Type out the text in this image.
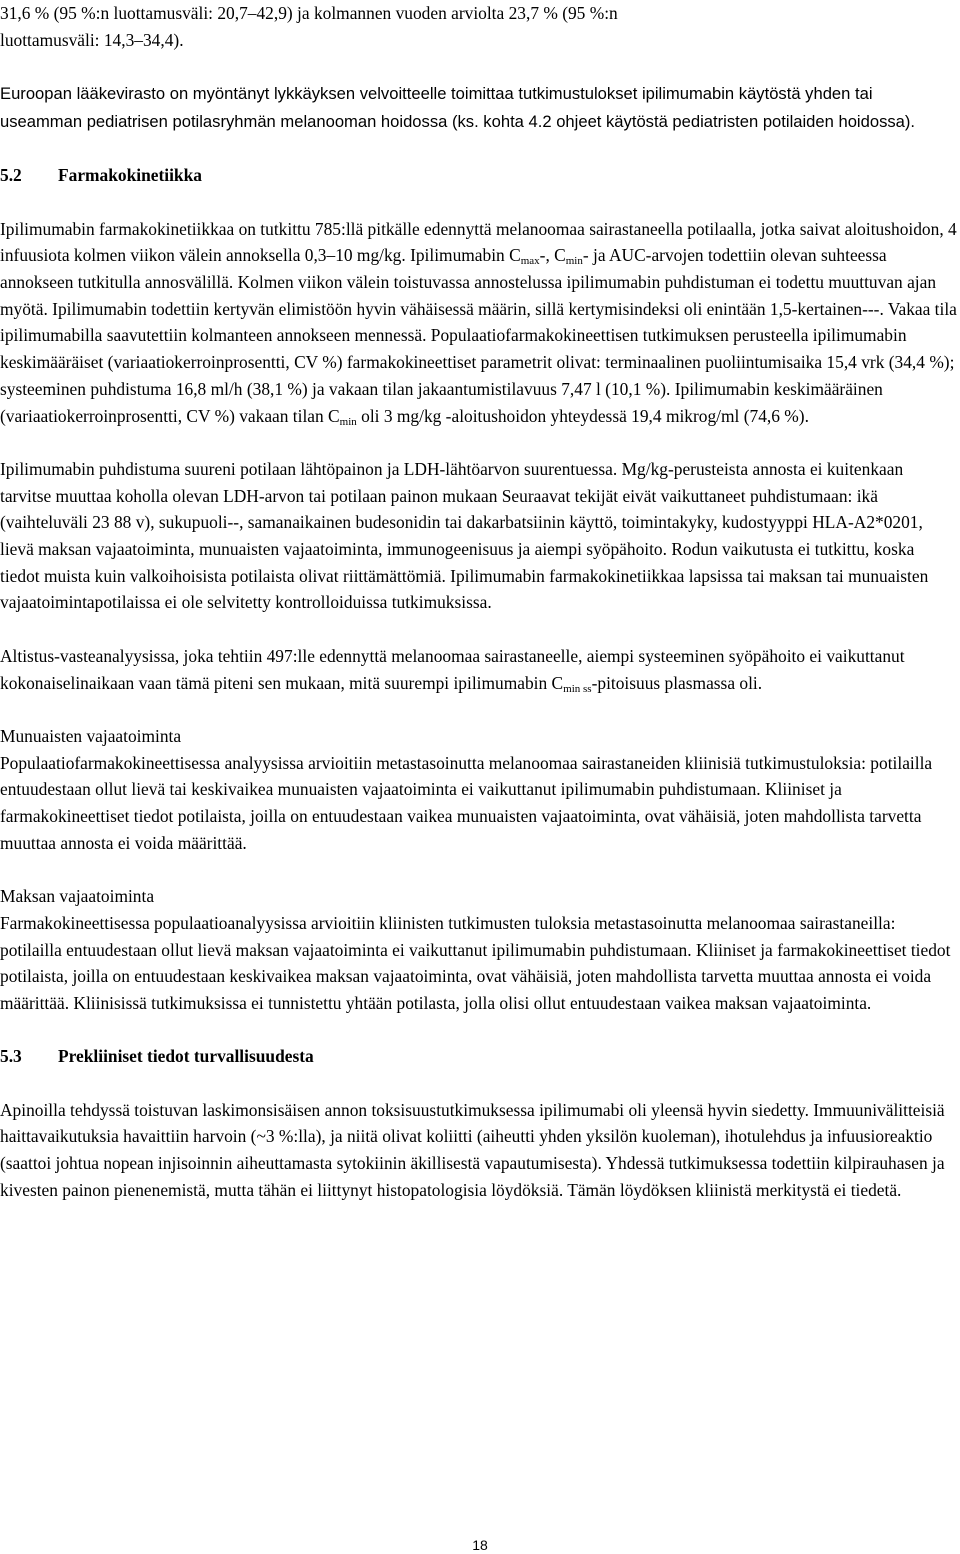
31,6 % (95 %:n luottamusväli: 20,7–42,9) ja kolmannen vuoden arviolta 23,7 % (95 %:n
luottamusväli: 14,3–34,4).

Euroopan lääkevirasto on myöntänyt lykkäyksen velvoitteelle toimittaa tutkimustulokset ipilimumabin käytöstä yhden tai useamman pediatrisen potilasryhmän melanooman hoidossa (ks. kohta 4.2 ohjeet käytöstä pediatristen potilaiden hoidossa).

5.2	Farmakokinetiikka

Ipilimumabin farmakokinetiikkaa on tutkittu 785:llä pitkälle edennyttä melanoomaa sairastaneella potilaalla, jotka saivat aloitushoidon, 4 infuusiota kolmen viikon välein annoksella 0,3–10 mg/kg. Ipilimumabin $C_{max}-$, $C_{min}-$ ja AUC-arvojen todettiin olevan suhteessa annokseen tutkitulla annosvälillä. Kolmen viikon välein toistuvassa annostelussa ipilimumabin puhdistuman ei todettu muuttuvan ajan myötä. Ipilimumabin todettiin kertyvän elimistöön hyvin vähäisessä määrin, sillä kertymisindeksi oli enintään 1,5-kertainen---. Vakaa tila ipilimumabilla saavutettiin kolmanteen annokseen mennessä. Populaatiofarmakokineettisen tutkimuksen perusteella ipilimumabin keskimääräiset (variaatiokerroinprosentti, CV %) farmakokineettiset parametrit olivat: terminaalinen puoliintumisaika 15,4 vrk (34,4 %); systeeminen puhdistuma 16,8 ml/h (38,1 %) ja vakaan tilan jakaantumistilavuus 7,47 l (10,1 %). Ipilimumabin keskimääräinen (variaatiokerroinprosentti, CV %) vakaan tilan $C_{min}$ oli 3 mg/kg -aloitushoidon yhteydessä 19,4 mikrog/ml (74,6 %).

Ipilimumabin puhdistuma suureni potilaan lähtöpainon ja LDH-lähtöarvon suurentuessa. Mg/kg-perusteista annosta ei kuitenkaan tarvitse muuttaa koholla olevan LDH-arvon tai potilaan painon mukaan Seuraavat tekijät eivät vaikuttaneet puhdistumaan: ikä (vaihteluväli 23 88 v), sukupuoli--, samanaikainen budesonidin tai dakarbatsiinin käyttö, toimintakyky, kudostyyppi HLA-A2*0201, lievä maksan vajaatoiminta, munuaisten vajaatoiminta, immunogeenisuus ja aiempi syöpähoito. Rodun vaikutusta ei tutkittu, koska tiedot muista kuin valkoihoisista potilaista olivat riittämättömiä. Ipilimumabin farmakokinetiikkaa lapsissa tai maksan tai munuaisten vajaatoimintapotilaissa ei ole selvitetty kontrolloiduissa tutkimuksissa.

Altistus-vasteanalyysissa, joka tehtiin 497:lle edennyttä melanoomaa sairastaneelle, aiempi systeeminen syöpähoito ei vaikuttanut kokonaiselinaikaan vaan tämä piteni sen mukaan, mitä suurempi ipilimumabin $C_{min ss}$-pitoisuus plasmassa oli.

Munuaisten vajaatoiminta
Populaatiofarmakokineettisessa analyysissa arvioitiin metastasoinutta melanoomaa sairastaneiden kliinisiä tutkimustuloksia: potilailla entuudestaan ollut lievä tai keskivaikea munuaisten vajaatoiminta ei vaikuttanut ipilimumabin puhdistumaan. Kliiniset ja farmakokineettiset tiedot potilaista, joilla on entuudestaan vaikea munuaisten vajaatoiminta, ovat vähäisiä, joten mahdollista tarvetta muuttaa annosta ei voida määrittää.

Maksan vajaatoiminta
Farmakokineettisessa populaatioanalyysissa arvioitiin kliinisten tutkimusten tuloksia metastasoinutta melanoomaa sairastaneilla: potilailla entuudestaan ollut lievä maksan vajaatoiminta ei vaikuttanut ipilimumabin puhdistumaan. Kliiniset ja farmakokineettiset tiedot potilaista, joilla on entuudestaan keskivaikea maksan vajaatoiminta, ovat vähäisiä, joten mahdollista tarvetta muuttaa annosta ei voida määrittää. Kliinisissä tutkimuksissa ei tunnistettu yhtään potilasta, jolla olisi ollut entuudestaan vaikea maksan vajaatoiminta.

5.3	Prekliiniset tiedot turvallisuudesta

Apinoilla tehdyssä toistuvan laskimonsisäisen annon toksisuustutkimuksessa ipilimumabi oli yleensä hyvin siedetty. Immuunivälitteisiä haittavaikutuksia havaittiin harvoin (~3 %:lla), ja niitä olivat koliitti (aiheutti yhden yksilön kuoleman), ihotulehdus ja infuusioreaktio (saattoi johtua nopean injisoinnin aiheuttamasta sytokiinin äkillisestä vapautumisesta). Yhdessä tutkimuksessa todettiin kilpirauhasen ja kivesten painon pienenemistä, mutta tähän ei liittynyt histopatologisia löydöksiä. Tämän löydöksen kliinistä merkitystä ei tiedetä.

18
